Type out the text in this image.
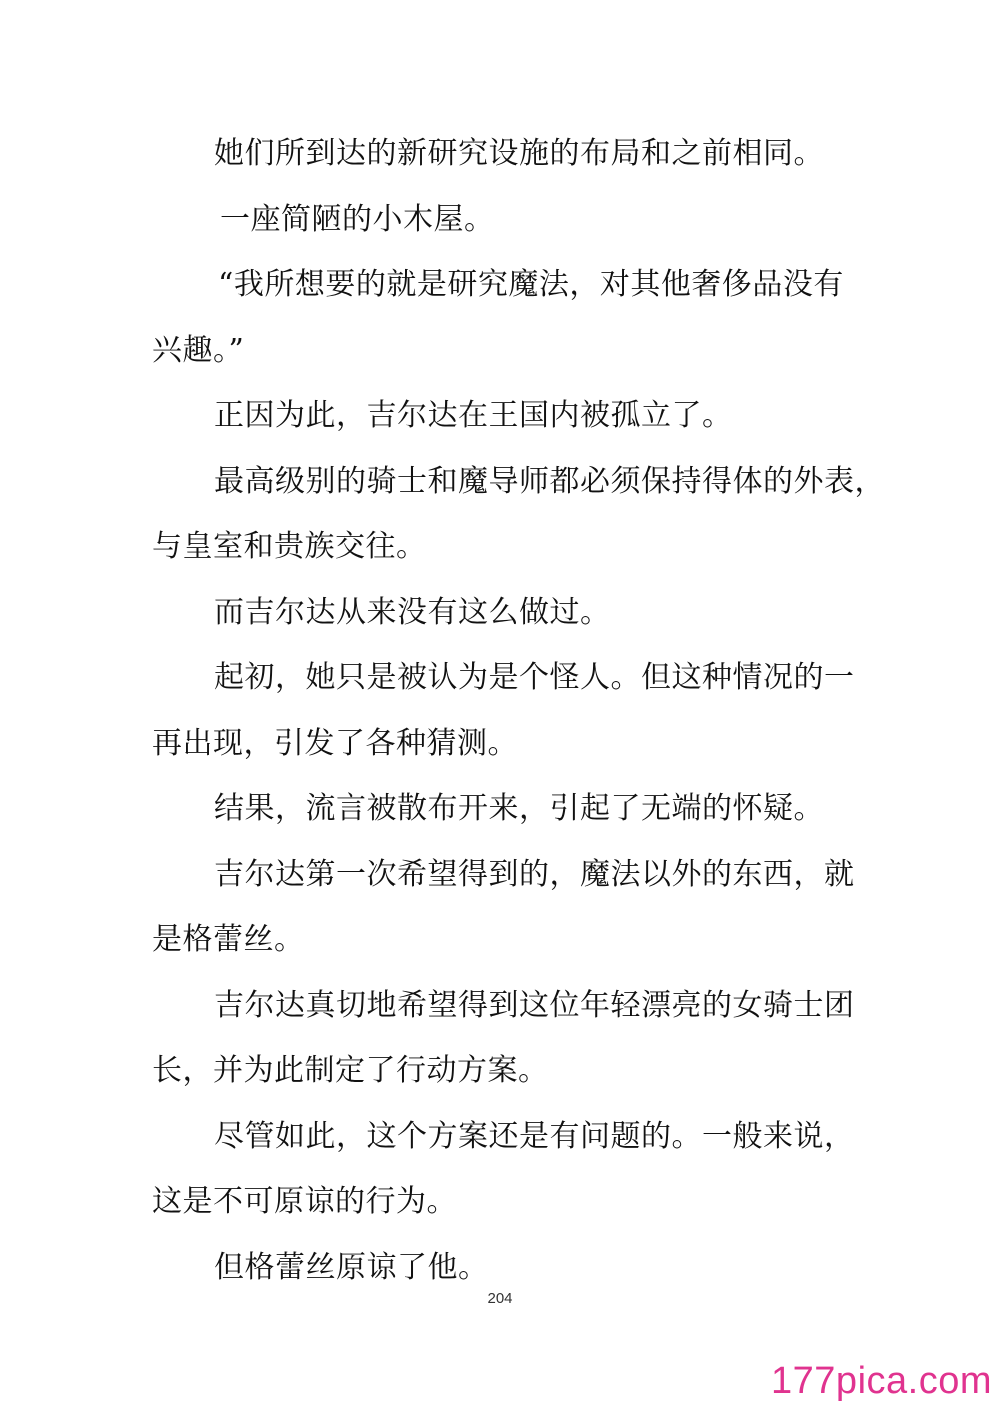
她们所到达的新研究设施的布局和之前相同。
一座简陋的小木屋。
“我所想要的就是研究魔法，对其他奢侈品没有
兴趣。”
正因为此，吉尔达在王国内被孤立了。
最高级别的骑士和魔导师都必须保持得体的外表，
与皇室和贵族交往。
而吉尔达从来没有这么做过。
起初，她只是被认为是个怪人。但这种情况的一
再出现，引发了各种猜测。
结果，流言被散布开来，引起了无端的怀疑。
吉尔达第一次希望得到的，魔法以外的东西，就
是格蕾丝。
吉尔达真切地希望得到这位年轻漂亮的女骑士团
长，并为此制定了行动方案。
尽管如此，这个方案还是有问题的。一般来说，
这是不可原谅的行为。
但格蕾丝原谅了他。
204
177pica.com
